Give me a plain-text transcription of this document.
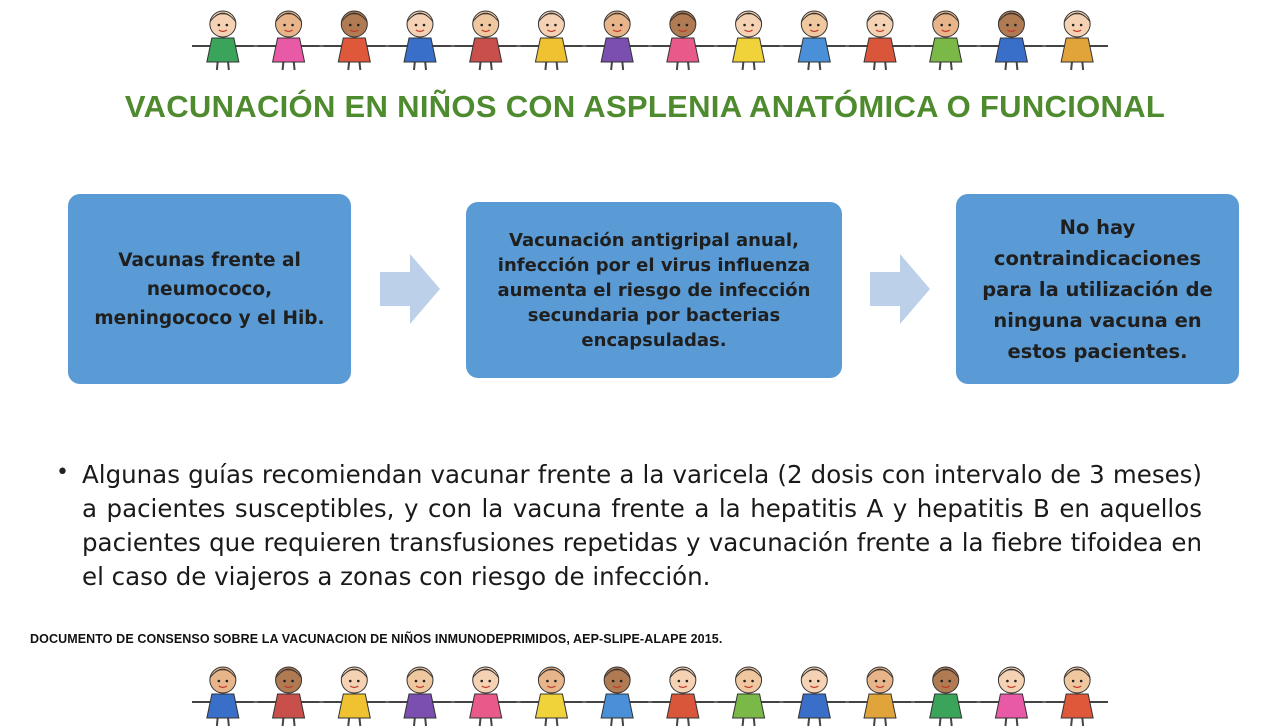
VACUNACIÓN EN NIÑOS CON ASPLENIA ANATÓMICA O FUNCIONAL
Vacunas frente al neumococo, meningococo y el Hib.
Vacunación antigripal anual, infección por el virus influenza aumenta el riesgo de infección secundaria por bacterias encapsuladas.
No hay contraindicaciones para la utilización de ninguna vacuna en estos pacientes.
• Algunas guías recomiendan vacunar frente a la varicela (2 dosis con intervalo de 3 meses) a pacientes susceptibles, y con la vacuna frente a la hepatitis A y hepatitis B en aquellos pacientes que requieren transfusiones repetidas y vacunación frente a la fiebre tifoidea en el caso de viajeros a zonas con riesgo de infección.
DOCUMENTO DE CONSENSO SOBRE LA VACUNACION DE NIÑOS INMUNODEPRIMIDOS, AEP-SLIPE-ALAPE 2015.
